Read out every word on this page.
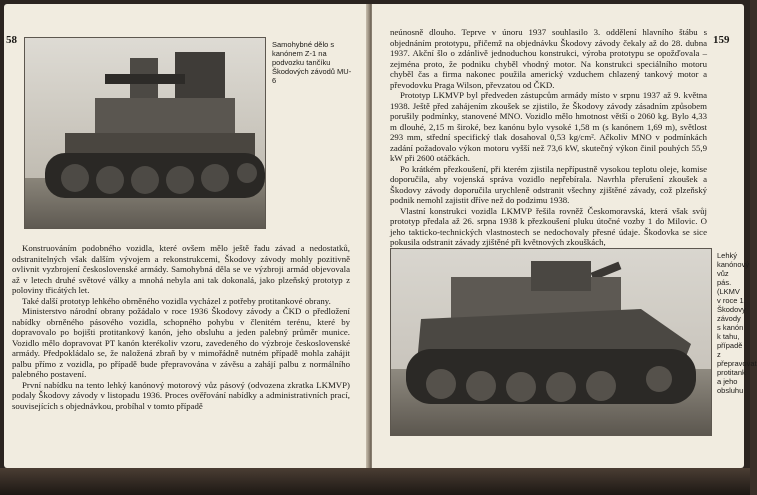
58	Samohybné dělo s kanónem Z-1 na podvozku tančíku Škodových závodů MU-6

Konstruováním podobného vozidla, které ovšem mělo ještě řadu závad a nedostatků, odstranitelných však dalším vývojem a rekonstrukcemi, Škodovy závody mohly pozitivně ovlivnit vyzbrojení československé armády. Samohybná děla se ve výzbroji armád objevovala až v letech druhé světové války a mnohá nebyla ani tak dokonalá, jako plzeňský prototyp z poloviny třicátých let.

Také další prototyp lehkého obrněného vozidla vycházel z potřeby protitankové obrany.

Ministerstvo národní obrany požádalo v roce 1936 Škodovy závody a ČKD o předložení nabídky obrněného pásového vozidla, schopného pohybu v členitém terénu, které by dopravovalo po bojišti protitankový kanón, jeho obsluhu a jeden palebný průměr munice. Vozidlo mělo dopravovat PT kanón kterékoliv vzoru, zavedeného do výzbroje československé armády. Předpokládalo se, že naložená zbraň by v mimořádně nutném případě mohla zahájit palbu přímo z vozidla, po případě bude přepravována v závěsu a zahájí palbu z normálního palebného postavení.

První nabídku na tento lehký kanónový motorový vůz pásový (odvozena zkratka LKMVP) podaly Škodovy závody v listopadu 1936. Proces ověřování nabídky a administrativních prací, souvisejících s objednávkou, probíhal v tomto případě

159

neúnosně dlouho. Teprve v únoru 1937 souhlasilo 3. oddělení hlavního štábu s objednáním prototypu, přičemž na objednávku Škodovy závody čekaly až do 28. dubna 1937. Akční šlo o zdánlivě jednoduchou konstrukci, výroba prototypu se opožďovala – zejména proto, že podniku chyběl vhodný motor. Na konstrukci speciálního motoru chyběl čas a firma nakonec použila americký vzduchem chlazený tankový motor a převodovku Praga Wilson, převzatou od ČKD.

Prototyp LKMVP byl předveden zástupcům armády místo v srpnu 1937 až 9. května 1938. Ještě před zahájením zkoušek se zjistilo, že Škodovy závody zásadním způsobem porušily podmínky, stanovené MNO. Vozidlo mělo hmotnost větší o 2060 kg. Bylo 4,33 m dlouhé, 2,15 m široké, bez kanónu bylo vysoké 1,58 m (s kanónem 1,69 m), světlost 293 mm, střední specifický tlak dosahoval 0,53 kg/cm². Ačkoliv MNO v podmínkách zadání požadovalo výkon motoru vyšší než 73,6 kW, skutečný výkon činil pouhých 55,9 kW při 2600 otáčkách.

Po krátkém přezkoušení, při kterém zjistila nepřípustně vysokou teplotu oleje, komise doporučila, aby vojenská správa vozidlo nepřebírala. Navrhla přerušení zkoušek a Škodovy závody doporučila urychleně odstranit všechny zjištěné závady, což plzeňský podnik nemohl zajistit dříve než do podzimu 1938.

Vlastní konstrukci vozidla LKMVP řešila rovněž Českomoravská, která však svůj prototyp předala až 26. srpna 1938 k přezkoušení pluku útočné vozby 1 do Milovic. O jeho takticko-technických vlastnostech se nedochovaly přesné údaje. Škodovka se sice pokusila odstranit závady zjištěné při květnových zkouškách,

Lehký kanónový vůz pás. (LKMV v roce 1 Škodovy závody s kanón k tahu, případě z přepravovat protitank a jeho obsluhu
